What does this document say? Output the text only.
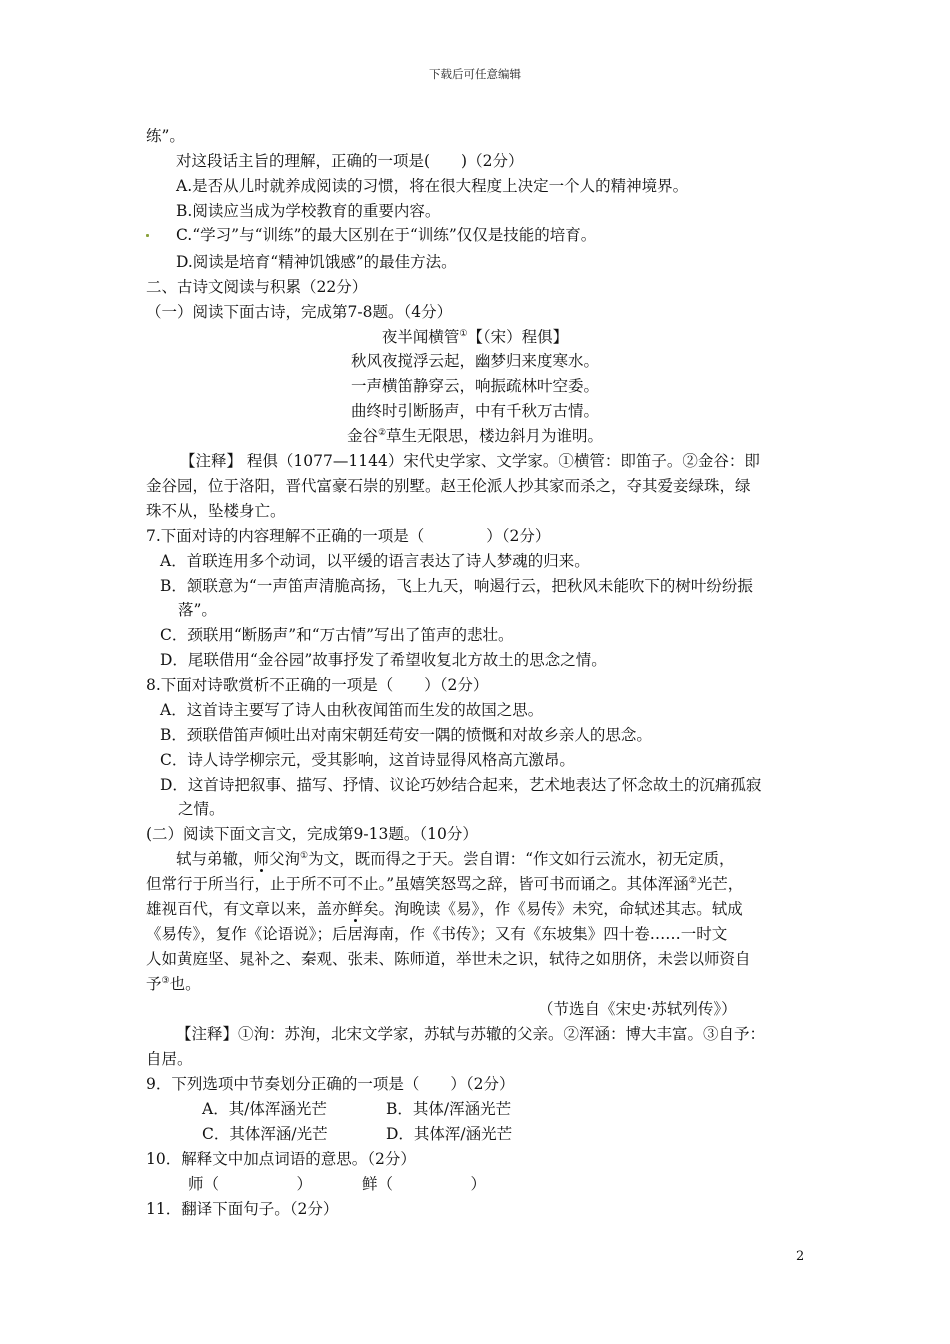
下载后可任意编辑
练”。
对这段话主旨的理解，正确的一项是(　　)（2分）
A.是否从儿时就养成阅读的习惯，将在很大程度上决定一个人的精神境界。
B.阅读应当成为学校教育的重要内容。
C.“学习”与“训练”的最大区别在于“训练”仅仅是技能的培育。
D.阅读是培育“精神饥饿感”的最佳方法。
二、古诗文阅读与积累（22分）
（一）阅读下面古诗，完成第7-8题。（4分）
夜半闻横管①【（宋）程俱】
秋风夜搅浮云起，幽梦归来度寒水。
一声横笛静穿云，响振疏林叶空委。
曲终时引断肠声，中有千秋万古情。
金谷②草生无限思，楼边斜月为谁明。
【注释】 程俱（1077—1144）宋代史学家、文学家。①横管：即笛子。②金谷：即
金谷园，位于洛阳，晋代富豪石崇的别墅。赵王伦派人抄其家而杀之，夺其爱妾绿珠，绿
珠不从，坠楼身亡。
7.下面对诗的内容理解不正确的一项是（　　　　）（2分）
A．首联连用多个动词，以平缓的语言表达了诗人梦魂的归来。
B．颔联意为“一声笛声清脆高扬，飞上九天，响遏行云，把秋风未能吹下的树叶纷纷振
落”。
C．颈联用“断肠声”和“万古情”写出了笛声的悲壮。
D．尾联借用“金谷园”故事抒发了希望收复北方故土的思念之情。
8.下面对诗歌赏析不正确的一项是（　　）（2分）
A．这首诗主要写了诗人由秋夜闻笛而生发的故国之思。
B．颈联借笛声倾吐出对南宋朝廷苟安一隅的愤慨和对故乡亲人的思念。
C．诗人诗学柳宗元，受其影响，这首诗显得风格高亢激昂。
D．这首诗把叙事、描写、抒情、议论巧妙结合起来，艺术地表达了怀念故土的沉痛孤寂
之情。
(二）阅读下面文言文，完成第9-13题。（10分）
轼与弟辙，师父洵①为文，既而得之于天。尝自谓：“作文如行云流水，初无定质，
但常行于所当行，止于所不可不止。”虽嬉笑怒骂之辞，皆可书而诵之。其体浑涵②光芒，
雄视百代，有文章以来，盖亦鲜矣。洵晚读《易》，作《易传》未究，命轼述其志。轼成
《易传》，复作《论语说》；后居海南，作《书传》；又有《东坡集》四十卷……一时文
人如黄庭坚、晁补之、秦观、张耒、陈师道，举世未之识，轼待之如朋侪，未尝以师资自
予③也。
（节选自《宋史·苏轼列传》）
【注释】①洵：苏洵，北宋文学家，苏轼与苏辙的父亲。②浑涵：博大丰富。③自予：
自居。
9．下列选项中节奏划分正确的一项是（　　）（2分）
A．其/体浑涵光芒	B．其体/浑涵光芒
C．其体浑涵/光芒	D．其体浑/涵光芒
10．解释文中加点词语的意思。（2分）
师（　　　　　）	鲜（　　　　　）
11．翻译下面句子。（2分）
2
